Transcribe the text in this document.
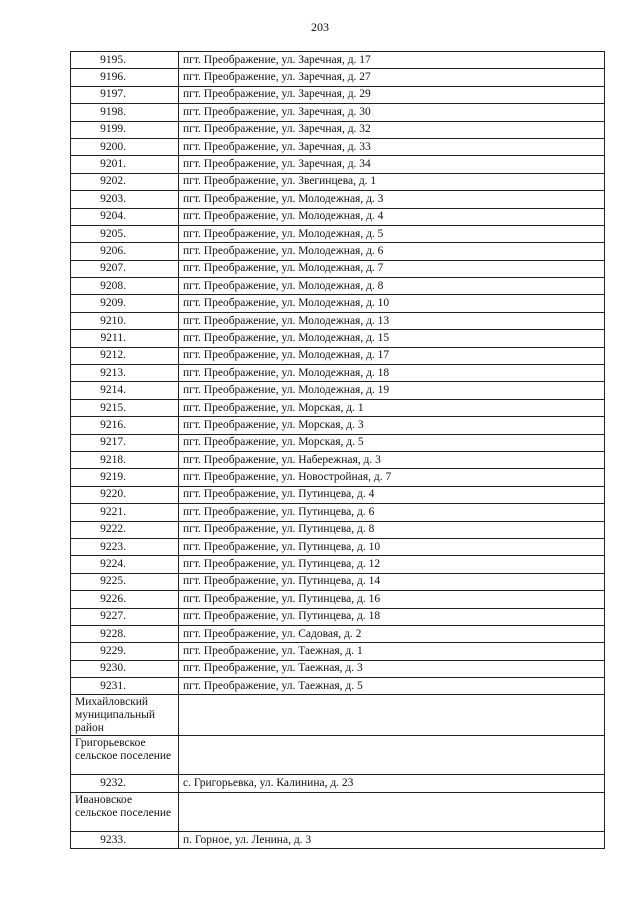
203
9195.	пгт. Преображение, ул. Заречная, д. 17
9196.	пгт. Преображение, ул. Заречная, д. 27
9197.	пгт. Преображение, ул. Заречная, д. 29
9198.	пгт. Преображение, ул. Заречная, д. 30
9199.	пгт. Преображение, ул. Заречная, д. 32
9200.	пгт. Преображение, ул. Заречная, д. 33
9201.	пгт. Преображение, ул. Заречная, д. 34
9202.	пгт. Преображение, ул. Звегинцева, д. 1
9203.	пгт. Преображение, ул. Молодежная, д. 3
9204.	пгт. Преображение, ул. Молодежная, д. 4
9205.	пгт. Преображение, ул. Молодежная, д. 5
9206.	пгт. Преображение, ул. Молодежная, д. 6
9207.	пгт. Преображение, ул. Молодежная, д. 7
9208.	пгт. Преображение, ул. Молодежная, д. 8
9209.	пгт. Преображение, ул. Молодежная, д. 10
9210.	пгт. Преображение, ул. Молодежная, д. 13
9211.	пгт. Преображение, ул. Молодежная, д. 15
9212.	пгт. Преображение, ул. Молодежная, д. 17
9213.	пгт. Преображение, ул. Молодежная, д. 18
9214.	пгт. Преображение, ул. Молодежная, д. 19
9215.	пгт. Преображение, ул. Морская, д. 1
9216.	пгт. Преображение, ул. Морская, д. 3
9217.	пгт. Преображение, ул. Морская, д. 5
9218.	пгт. Преображение, ул. Набережная, д. 3
9219.	пгт. Преображение, ул. Новостройная, д. 7
9220.	пгт. Преображение, ул. Путинцева, д. 4
9221.	пгт. Преображение, ул. Путинцева, д. 6
9222.	пгт. Преображение, ул. Путинцева, д. 8
9223.	пгт. Преображение, ул. Путинцева, д. 10
9224.	пгт. Преображение, ул. Путинцева, д. 12
9225.	пгт. Преображение, ул. Путинцева, д. 14
9226.	пгт. Преображение, ул. Путинцева, д. 16
9227.	пгт. Преображение, ул. Путинцева, д. 18
9228.	пгт. Преображение, ул. Садовая, д. 2
9229.	пгт. Преображение, ул. Таежная, д. 1
9230.	пгт. Преображение, ул. Таежная, д. 3
9231.	пгт. Преображение, ул. Таежная, д. 5
Михайловский муниципальный район	
Григорьевское сельское поселение	
9232.	с. Григорьевка, ул. Калинина, д. 23
Ивановское сельское поселение	
9233.	п. Горное, ул. Ленина, д. 3
